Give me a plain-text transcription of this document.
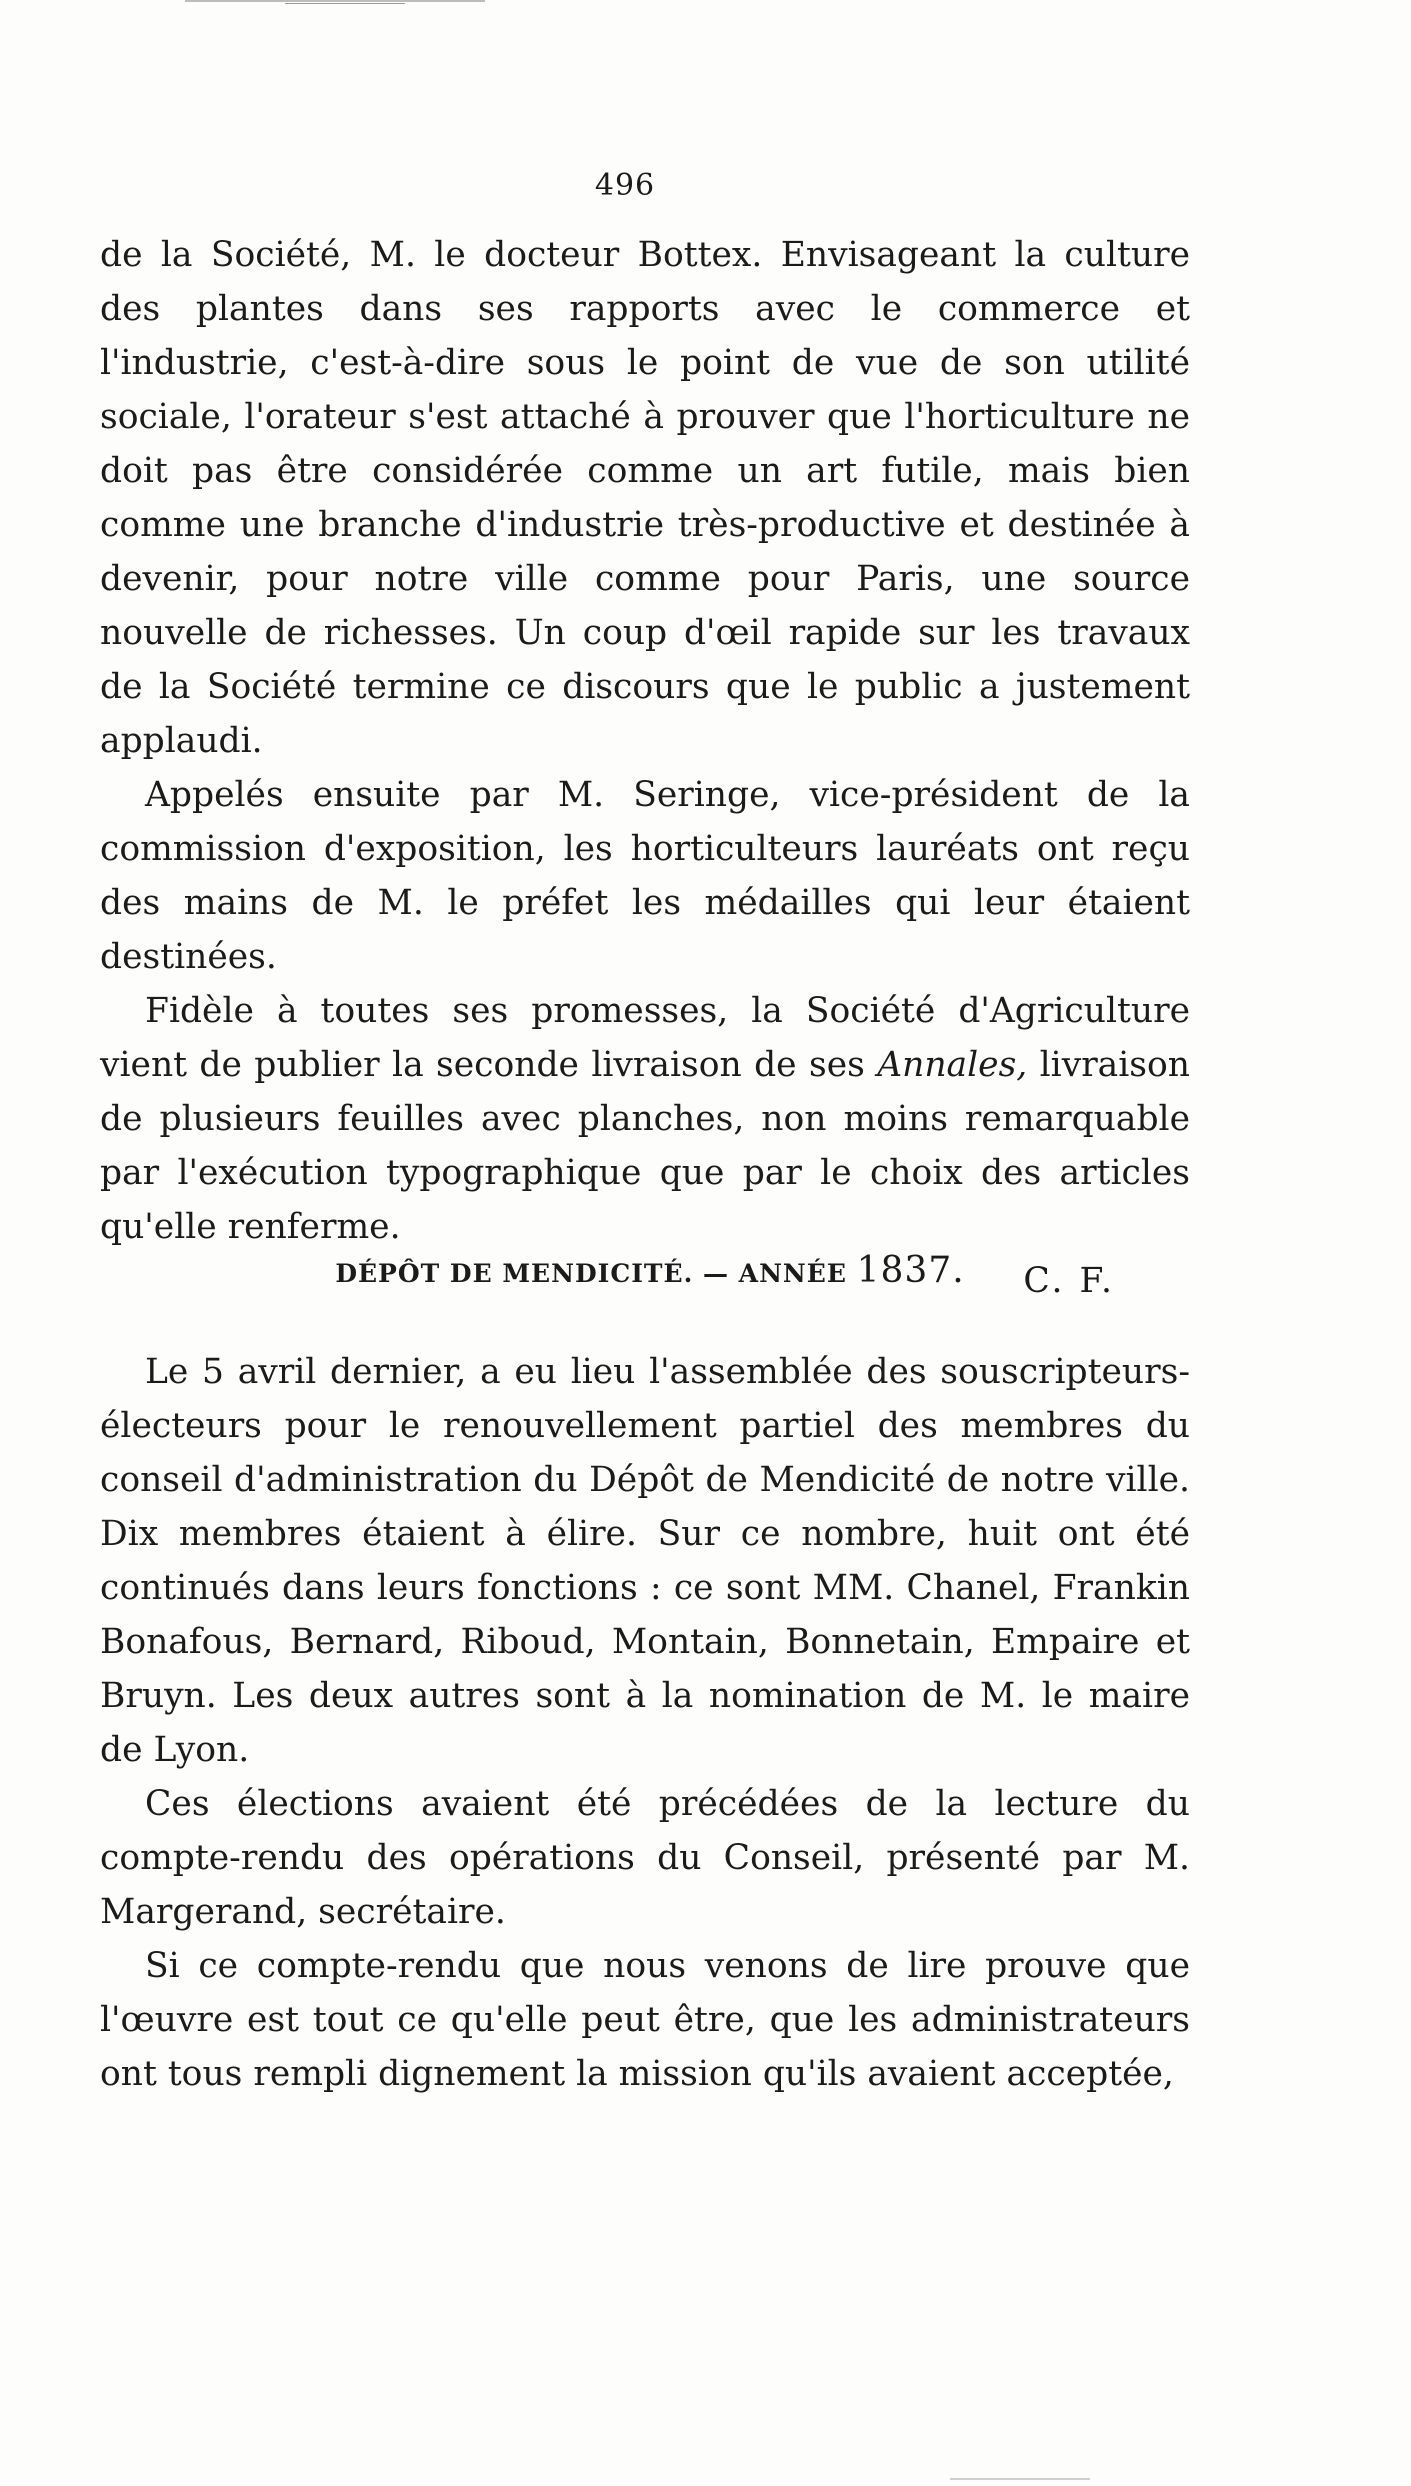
496

de la Société, M. le docteur Bottex. Envisageant la culture des plantes dans ses rapports avec le commerce et l'industrie, c'est-à-dire sous le point de vue de son utilité sociale, l'orateur s'est attaché à prouver que l'horticulture ne doit pas être considérée comme un art futile, mais bien comme une branche d'industrie très-productive et destinée à devenir, pour notre ville comme pour Paris, une source nouvelle de richesses. Un coup d'œil rapide sur les travaux de la Société termine ce discours que le public a justement applaudi.

Appelés ensuite par M. Seringe, vice-président de la commission d'exposition, les horticulteurs lauréats ont reçu des mains de M. le préfet les médailles qui leur étaient destinées.

Fidèle à toutes ses promesses, la Société d'Agriculture vient de publier la seconde livraison de ses Annales, livraison de plusieurs feuilles avec planches, non moins remarquable par l'exécution typographique que par le choix des articles qu'elle renferme.

C. F.

DÉPÔT DE MENDICITÉ. — ANNÉE 1837.

Le 5 avril dernier, a eu lieu l'assemblée des souscripteurs-électeurs pour le renouvellement partiel des membres du conseil d'administration du Dépôt de Mendicité de notre ville. Dix membres étaient à élire. Sur ce nombre, huit ont été continués dans leurs fonctions : ce sont MM. Chanel, Frankin Bonafous, Bernard, Riboud, Montain, Bonnetain, Empaire et Bruyn. Les deux autres sont à la nomination de M. le maire de Lyon.

Ces élections avaient été précédées de la lecture du compte-rendu des opérations du Conseil, présenté par M. Margerand, secrétaire.

Si ce compte-rendu que nous venons de lire prouve que l'œuvre est tout ce qu'elle peut être, que les administrateurs ont tous rempli dignement la mission qu'ils avaient acceptée,
